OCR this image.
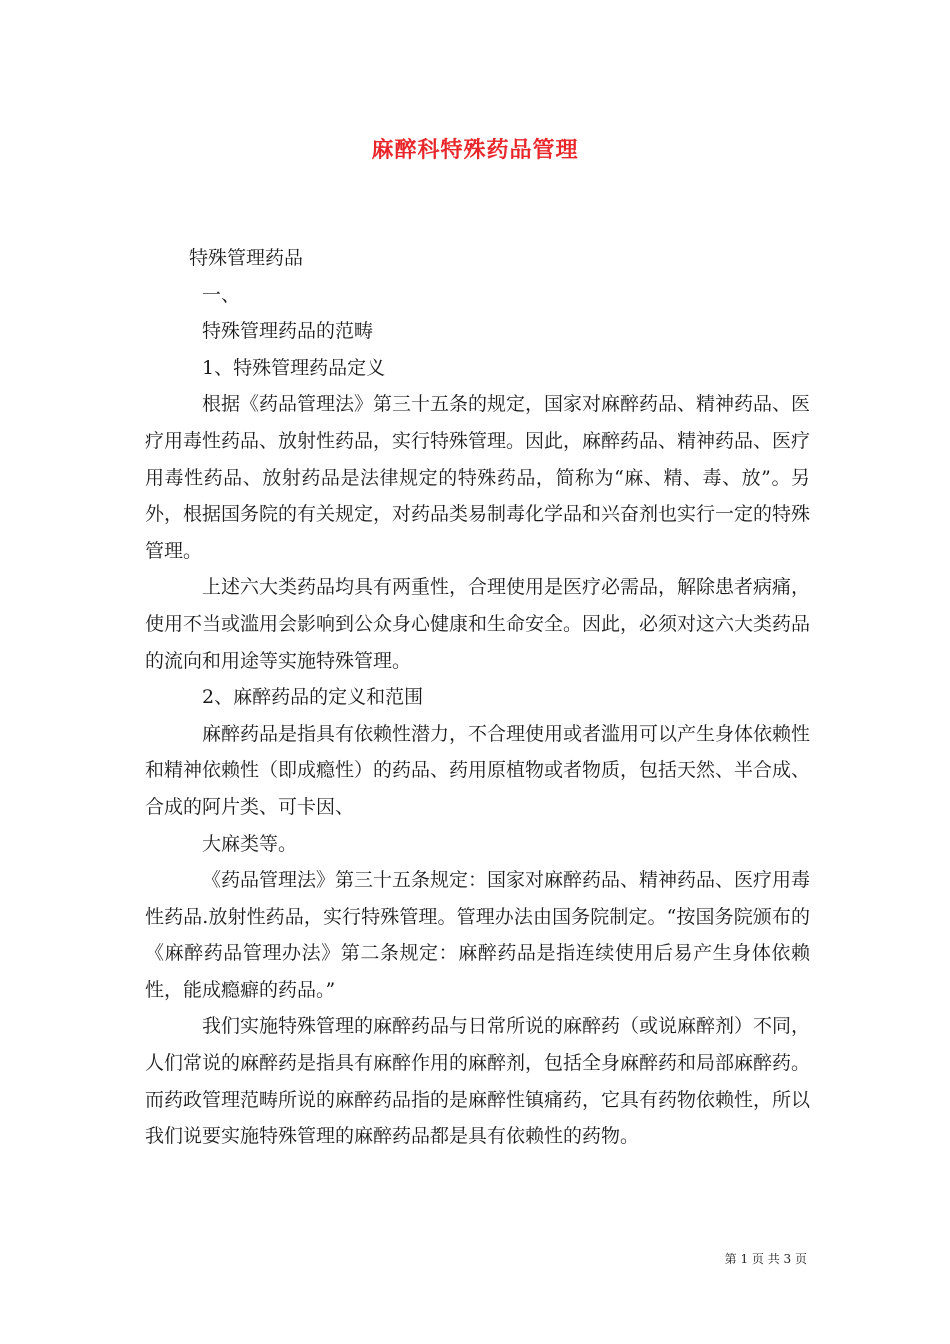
麻醉科特殊药品管理
特殊管理药品
一、
特殊管理药品的范畴
1、特殊管理药品定义

根据《药品管理法》第三十五条的规定，国家对麻醉药品、精神药品、医疗用毒性药品、放射性药品，实行特殊管理。因此，麻醉药品、精神药品、医疗用毒性药品、放射药品是法律规定的特殊药品，简称为“麻、精、毒、放”。另外，根据国务院的有关规定，对药品类易制毒化学品和兴奋剂也实行一定的特殊管理。

上述六大类药品均具有两重性，合理使用是医疗必需品，解除患者病痛，使用不当或滥用会影响到公众身心健康和生命安全。因此，必须对这六大类药品的流向和用途等实施特殊管理。

2、麻醉药品的定义和范围

麻醉药品是指具有依赖性潜力，不合理使用或者滥用可以产生身体依赖性和精神依赖性（即成瘾性）的药品、药用原植物或者物质，包括天然、半合成、合成的阿片类、可卡因、

大麻类等。

《药品管理法》第三十五条规定：国家对麻醉药品、精神药品、医疗用毒性药品.放射性药品，实行特殊管理。管理办法由国务院制定。“按国务院颁布的《麻醉药品管理办法》第二条规定：麻醉药品是指连续使用后易产生身体依赖性，能成瘾癖的药品。”

我们实施特殊管理的麻醉药品与日常所说的麻醉药（或说麻醉剂）不同，人们常说的麻醉药是指具有麻醉作用的麻醉剂，包括全身麻醉药和局部麻醉药。而药政管理范畴所说的麻醉药品指的是麻醉性镇痛药，它具有药物依赖性，所以我们说要实施特殊管理的麻醉药品都是具有依赖性的药物。

第 1 页 共 3 页
